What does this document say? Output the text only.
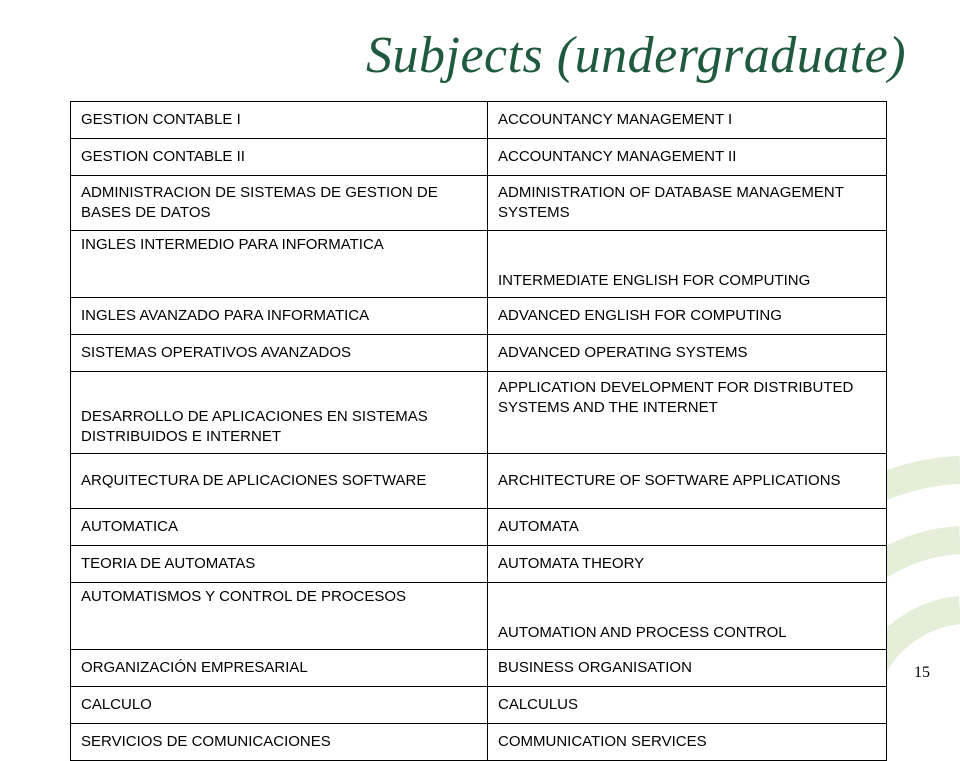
Subjects (undergraduate)
GESTION CONTABLE I	ACCOUNTANCY MANAGEMENT I
GESTION CONTABLE II	ACCOUNTANCY MANAGEMENT II
ADMINISTRACION DE SISTEMAS DE GESTION DE BASES DE DATOS	ADMINISTRATION OF DATABASE MANAGEMENT SYSTEMS
INGLES INTERMEDIO PARA INFORMATICA	INTERMEDIATE ENGLISH FOR COMPUTING
INGLES AVANZADO PARA INFORMATICA	ADVANCED ENGLISH FOR COMPUTING
SISTEMAS OPERATIVOS AVANZADOS	ADVANCED OPERATING SYSTEMS
DESARROLLO DE APLICACIONES EN SISTEMAS DISTRIBUIDOS E INTERNET	APPLICATION DEVELOPMENT FOR DISTRIBUTED SYSTEMS AND THE INTERNET
ARQUITECTURA DE APLICACIONES SOFTWARE	ARCHITECTURE OF SOFTWARE APPLICATIONS
AUTOMATICA	AUTOMATA
TEORIA DE AUTOMATAS	AUTOMATA THEORY
AUTOMATISMOS Y CONTROL DE PROCESOS	AUTOMATION AND PROCESS CONTROL
ORGANIZACIÓN EMPRESARIAL	BUSINESS ORGANISATION
CALCULO	CALCULUS
SERVICIOS DE COMUNICACIONES	COMMUNICATION SERVICES
15
